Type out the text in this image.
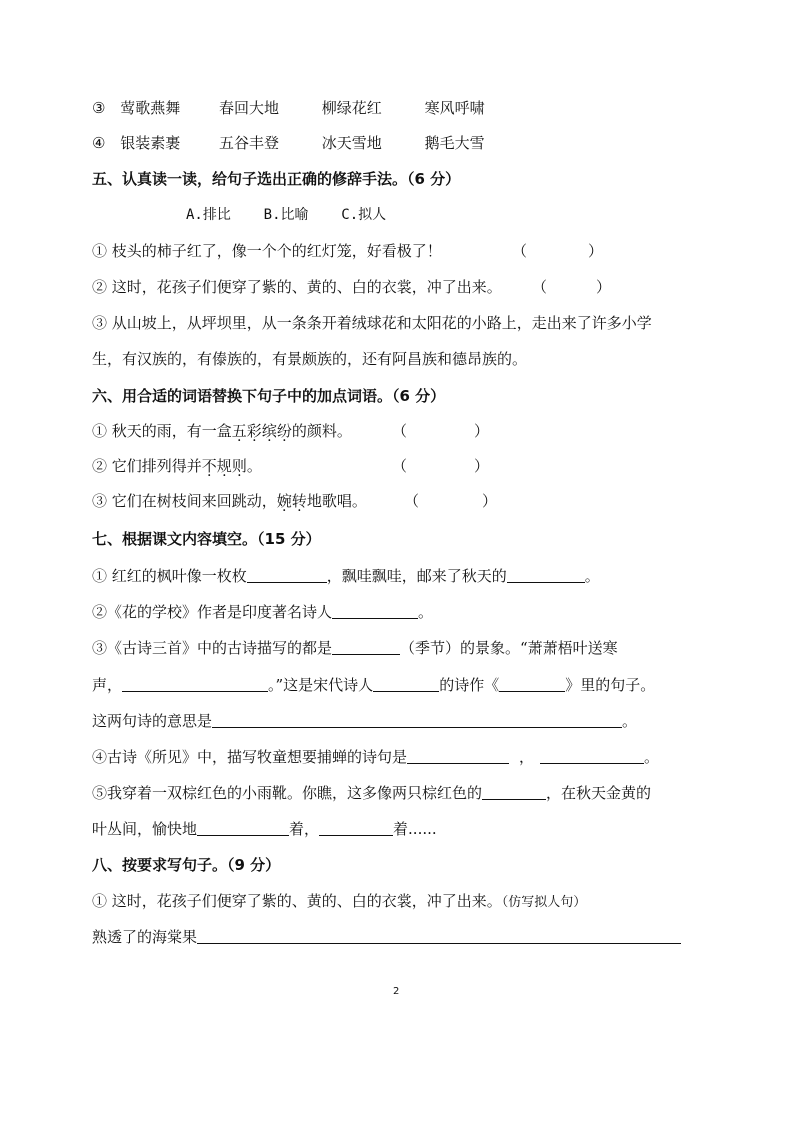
③ 莺歌燕舞	春回大地	柳绿花红	寒风呼啸
④ 银装素裹	五谷丰登	冰天雪地	鹅毛大雪
五、认真读一读，给句子选出正确的修辞手法。（6 分）
A.排比 B.比喻 C.拟人
① 枝头的柿子红了，像一个个的红灯笼，好看极了！	（	）
② 这时，花孩子们便穿了紫的、黄的、白的衣裳，冲了出来。 （	）
③ 从山坡上，从坪坝里，从一条条开着绒球花和太阳花的小路上，走出来了许多小学
生，有汉族的，有傣族的，有景颇族的，还有阿昌族和德昂族的。
六、用合适的词语替换下句子中的加点词语。（6 分）
① 秋天的雨，有一盒五彩缤纷的颜料。	（	）
② 它们排列得并不规则。	（	）
③ 它们在树枝间来回跳动，婉转地歌唱。 （	）
七、根据课文内容填空。（15 分）
① 红红的枫叶像一枚枚	，飘哇飘哇，邮来了秋天的	。
②《花的学校》作者是印度著名诗人	。
③《古诗三首》中的古诗描写的都是	（季节）的景象。“萧萧梧叶送寒
声，	。”这是宋代诗人	的诗作《	》里的句子。
这两句诗的意思是	。
④古诗《所见》中，描写牧童想要捕蝉的诗句是	，	。
⑤我穿着一双棕红色的小雨靴。你瞧，这多像两只棕红色的	，在秋天金黄的
叶丛间，愉快地	着，	着......
八、按要求写句子。（9 分）
① 这时，花孩子们便穿了紫的、黄的、白的衣裳，冲了出来。（仿写拟人句）
熟透了的海棠果
2
